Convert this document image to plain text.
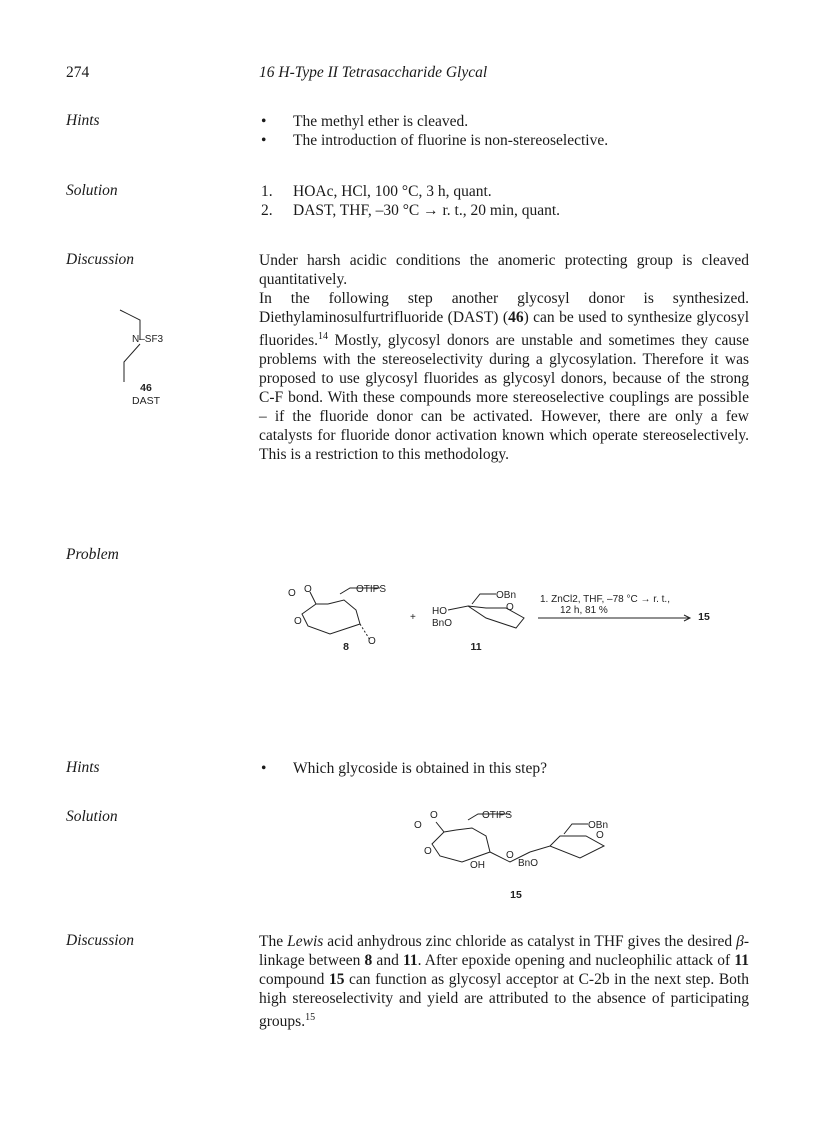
274	16 H-Type II Tetrasaccharide Glycal
Hints	• The methyl ether is cleaved.

• The introduction of fluorine is non-stereoselective.

Solution	1. HOAc, HCl, 100 °C, 3 h, quant.

2. DAST, THF, –30 °C → r. t., 20 min, quant.

Discussion	Under harsh acidic conditions the anomeric protecting group is cleaved quantitatively.

In the following step another glycosyl donor is synthesized. Diethylaminosulfurtrifluoride (DAST) (46) can be used to synthesize glycosyl fluorides.$^{14}$ Mostly, glycosyl donors are unstable and sometimes they cause problems with the stereoselectivity during a glycosylation. Therefore it was proposed to use glycosyl fluorides as glycosyl donors, because of the strong C-F bond. With these compounds more stereoselective couplings are possible – if the fluoride donor can be activated. However, there are only a few catalysts for fluoride donor activation known which operate stereoselectively. This is a restriction to this methodology.

N–SF3
46
DAST
Problem
O O
O
OTIPS
O
8
+
OBn
HO
BnO
O
11
1. ZnCl2, THF, –78 °C → r. t.,
12 h, 81 %
15
Hints	• Which glycoside is obtained in this step?

Solution
O
O
O
OTIPS
OBn
OH	BnO
O
O
15
Discussion	The Lewis acid anhydrous zinc chloride as catalyst in THF gives the desired β-linkage between 8 and 11. After epoxide opening and nucleophilic attack of 11 compound 15 can function as glycosyl acceptor at C-2b in the next step. Both high stereoselectivity and yield are attributed to the absence of participating groups.$^{15}$
